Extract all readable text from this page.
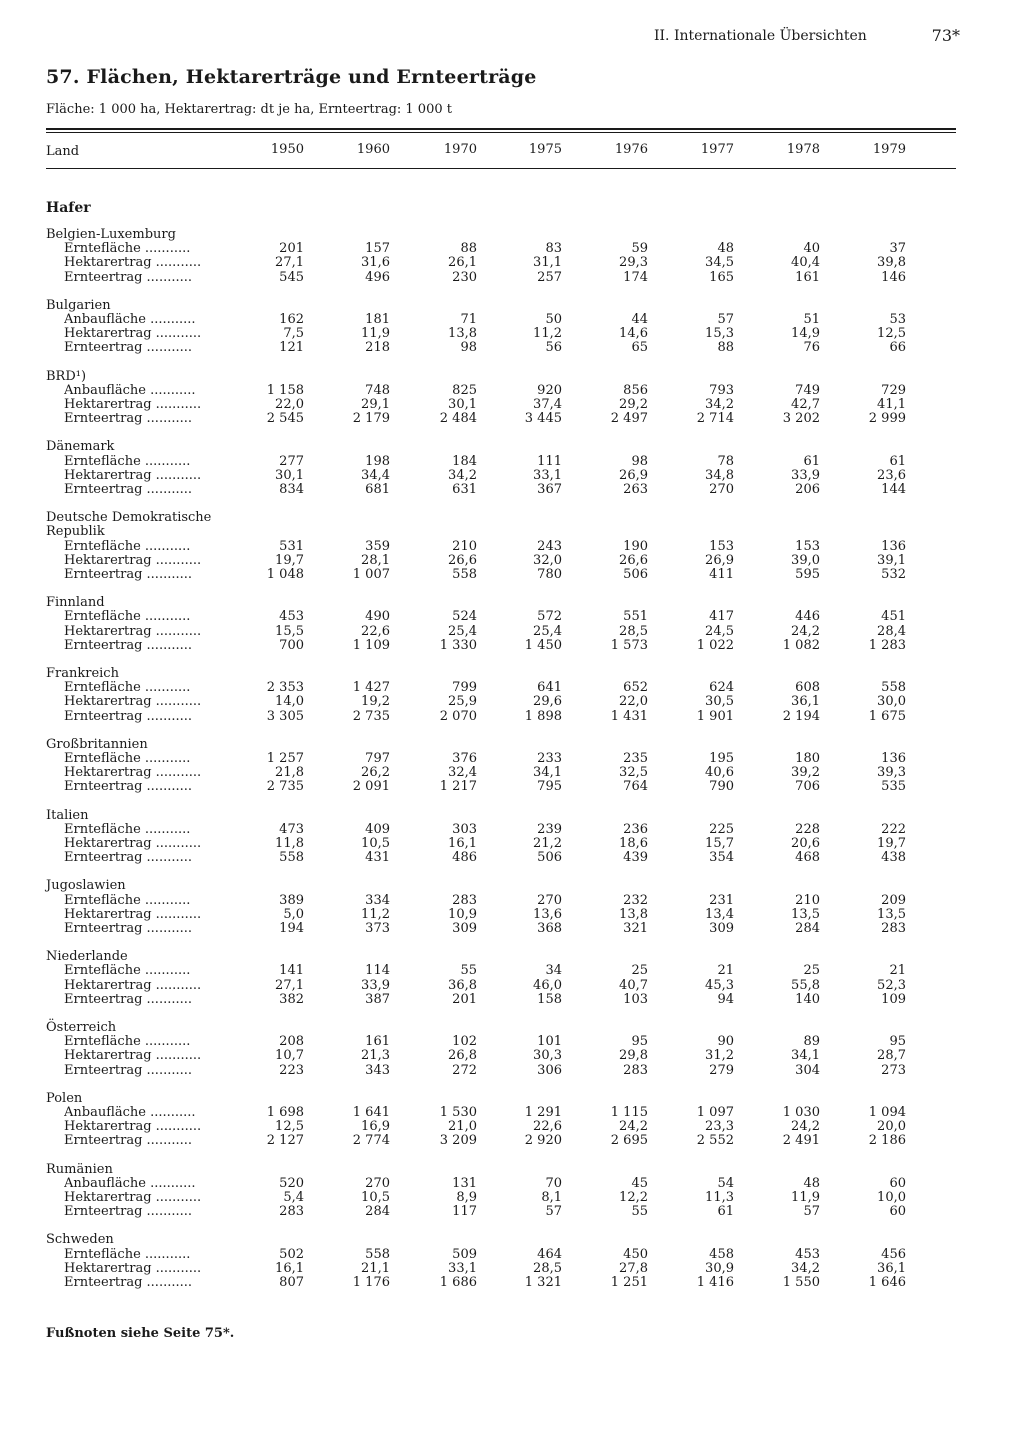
II. Internationale Übersichten	73*
57. Flächen, Hektarerträge und Ernteerträge
Fläche: 1 000 ha, Hektarertrag: dt je ha, Ernteertrag: 1 000 t
Land	1950	1960	1970	1975	1976	1977	1978	1979
Hafer
Belgien-Luxemburg
Erntefläche ...........	201	157	88	83	59	48	40	37
Hektarertrag ...........	27,1	31,6	26,1	31,1	29,3	34,5	40,4	39,8
Ernteertrag ...........	545	496	230	257	174	165	161	146
Bulgarien
Anbaufläche ...........	162	181	71	50	44	57	51	53
Hektarertrag ...........	7,5	11,9	13,8	11,2	14,6	15,3	14,9	12,5
Ernteertrag ...........	121	218	98	56	65	88	76	66
BRD¹)
Anbaufläche ...........	1 158	748	825	920	856	793	749	729
Hektarertrag ...........	22,0	29,1	30,1	37,4	29,2	34,2	42,7	41,1
Ernteertrag ...........	2 545	2 179	2 484	3 445	2 497	2 714	3 202	2 999
Dänemark
Erntefläche ...........	277	198	184	111	98	78	61	61
Hektarertrag ...........	30,1	34,4	34,2	33,1	26,9	34,8	33,9	23,6
Ernteertrag ...........	834	681	631	367	263	270	206	144
Deutsche Demokratische Republik
Erntefläche ...........	531	359	210	243	190	153	153	136
Hektarertrag ...........	19,7	28,1	26,6	32,0	26,6	26,9	39,0	39,1
Ernteertrag ...........	1 048	1 007	558	780	506	411	595	532
Finnland
Erntefläche ...........	453	490	524	572	551	417	446	451
Hektarertrag ...........	15,5	22,6	25,4	25,4	28,5	24,5	24,2	28,4
Ernteertrag ...........	700	1 109	1 330	1 450	1 573	1 022	1 082	1 283
Frankreich
Erntefläche ...........	2 353	1 427	799	641	652	624	608	558
Hektarertrag ...........	14,0	19,2	25,9	29,6	22,0	30,5	36,1	30,0
Ernteertrag ...........	3 305	2 735	2 070	1 898	1 431	1 901	2 194	1 675
Großbritannien
Erntefläche ...........	1 257	797	376	233	235	195	180	136
Hektarertrag ...........	21,8	26,2	32,4	34,1	32,5	40,6	39,2	39,3
Ernteertrag ...........	2 735	2 091	1 217	795	764	790	706	535
Italien
Erntefläche ...........	473	409	303	239	236	225	228	222
Hektarertrag ...........	11,8	10,5	16,1	21,2	18,6	15,7	20,6	19,7
Ernteertrag ...........	558	431	486	506	439	354	468	438
Jugoslawien
Erntefläche ...........	389	334	283	270	232	231	210	209
Hektarertrag ...........	5,0	11,2	10,9	13,6	13,8	13,4	13,5	13,5
Ernteertrag ...........	194	373	309	368	321	309	284	283
Niederlande
Erntefläche ...........	141	114	55	34	25	21	25	21
Hektarertrag ...........	27,1	33,9	36,8	46,0	40,7	45,3	55,8	52,3
Ernteertrag ...........	382	387	201	158	103	94	140	109
Österreich
Erntefläche ...........	208	161	102	101	95	90	89	95
Hektarertrag ...........	10,7	21,3	26,8	30,3	29,8	31,2	34,1	28,7
Ernteertrag ...........	223	343	272	306	283	279	304	273
Polen
Anbaufläche ...........	1 698	1 641	1 530	1 291	1 115	1 097	1 030	1 094
Hektarertrag ...........	12,5	16,9	21,0	22,6	24,2	23,3	24,2	20,0
Ernteertrag ...........	2 127	2 774	3 209	2 920	2 695	2 552	2 491	2 186
Rumänien
Anbaufläche ...........	520	270	131	70	45	54	48	60
Hektarertrag ...........	5,4	10,5	8,9	8,1	12,2	11,3	11,9	10,0
Ernteertrag ...........	283	284	117	57	55	61	57	60
Schweden
Erntefläche ...........	502	558	509	464	450	458	453	456
Hektarertrag ...........	16,1	21,1	33,1	28,5	27,8	30,9	34,2	36,1
Ernteertrag ...........	807	1 176	1 686	1 321	1 251	1 416	1 550	1 646
Fußnoten siehe Seite 75*.
